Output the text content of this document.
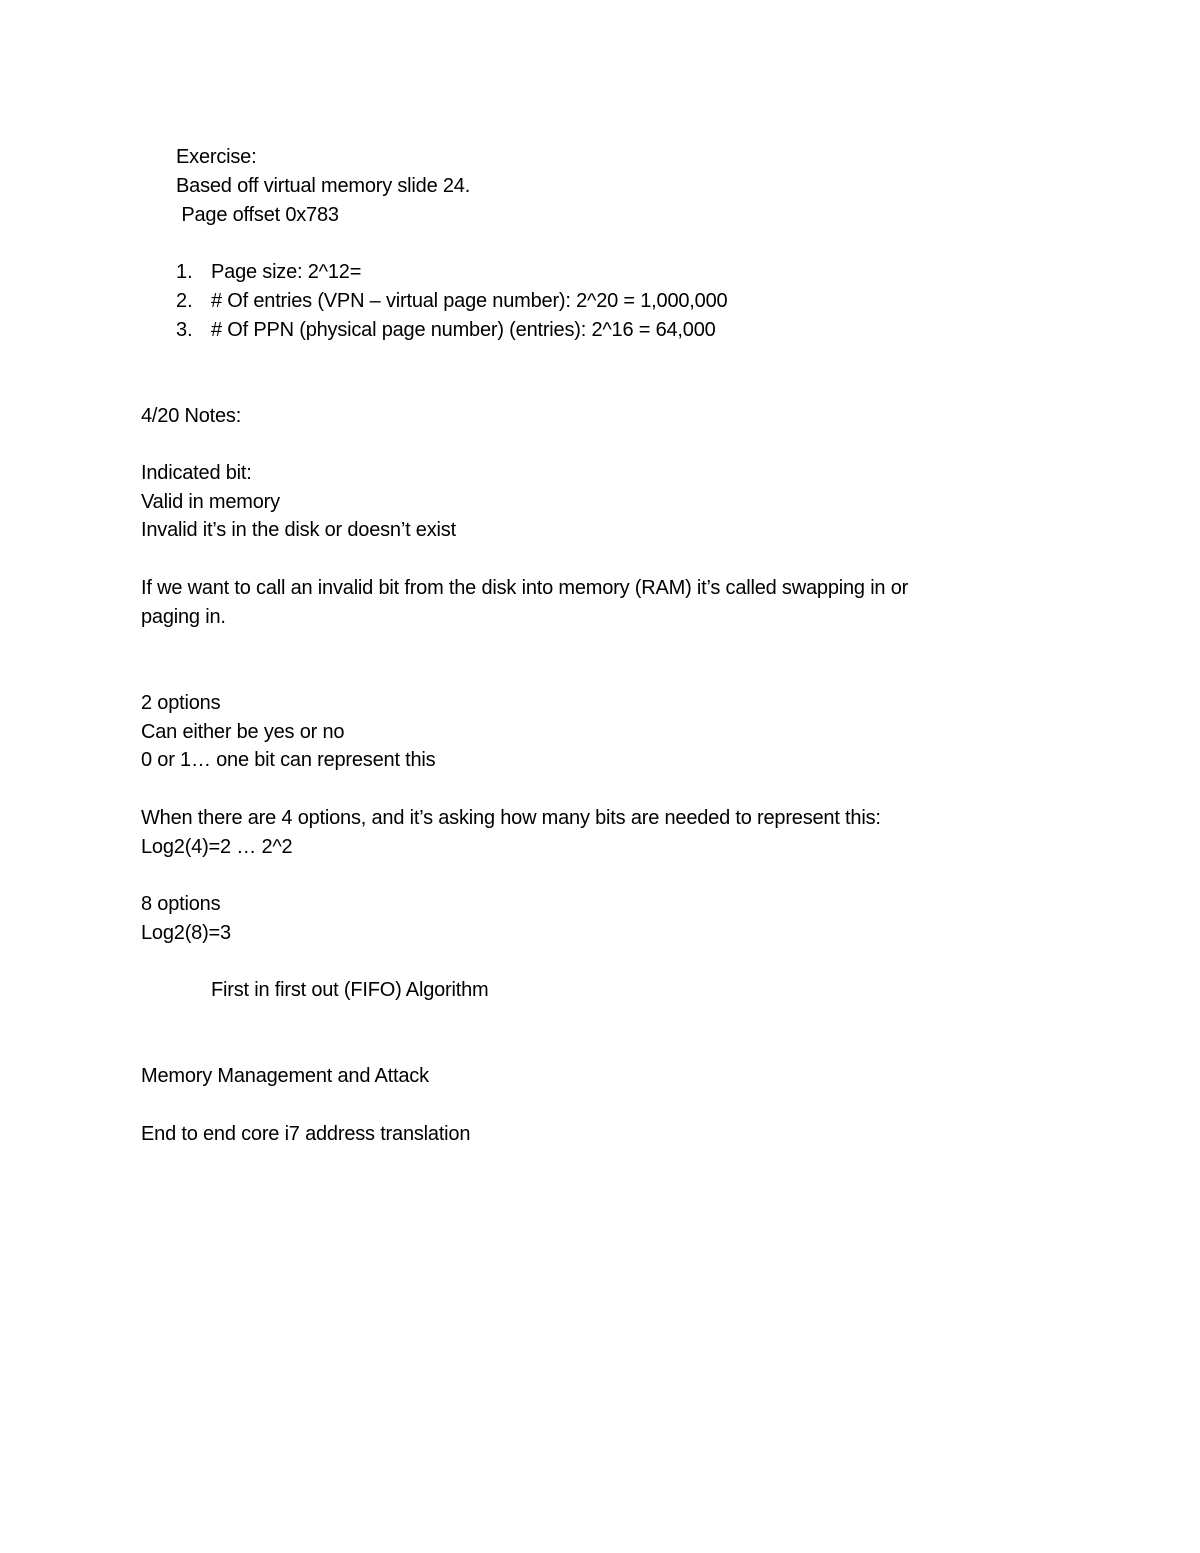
Exercise:
Based off virtual memory slide 24.
Page offset 0x783
1. Page size: 2^12=
2. # Of entries (VPN – virtual page number): 2^20 = 1,000,000
3. # Of PPN (physical page number) (entries): 2^16 = 64,000
4/20 Notes:
Indicated bit:
Valid in memory
Invalid it’s in the disk or doesn’t exist
If we want to call an invalid bit from the disk into memory (RAM) it’s called swapping in or
paging in.
2 options
Can either be yes or no
0 or 1… one bit can represent this
When there are 4 options, and it’s asking how many bits are needed to represent this:
Log2(4)=2 … 2^2
8 options
Log2(8)=3
First in first out (FIFO) Algorithm
Memory Management and Attack
End to end core i7 address translation
